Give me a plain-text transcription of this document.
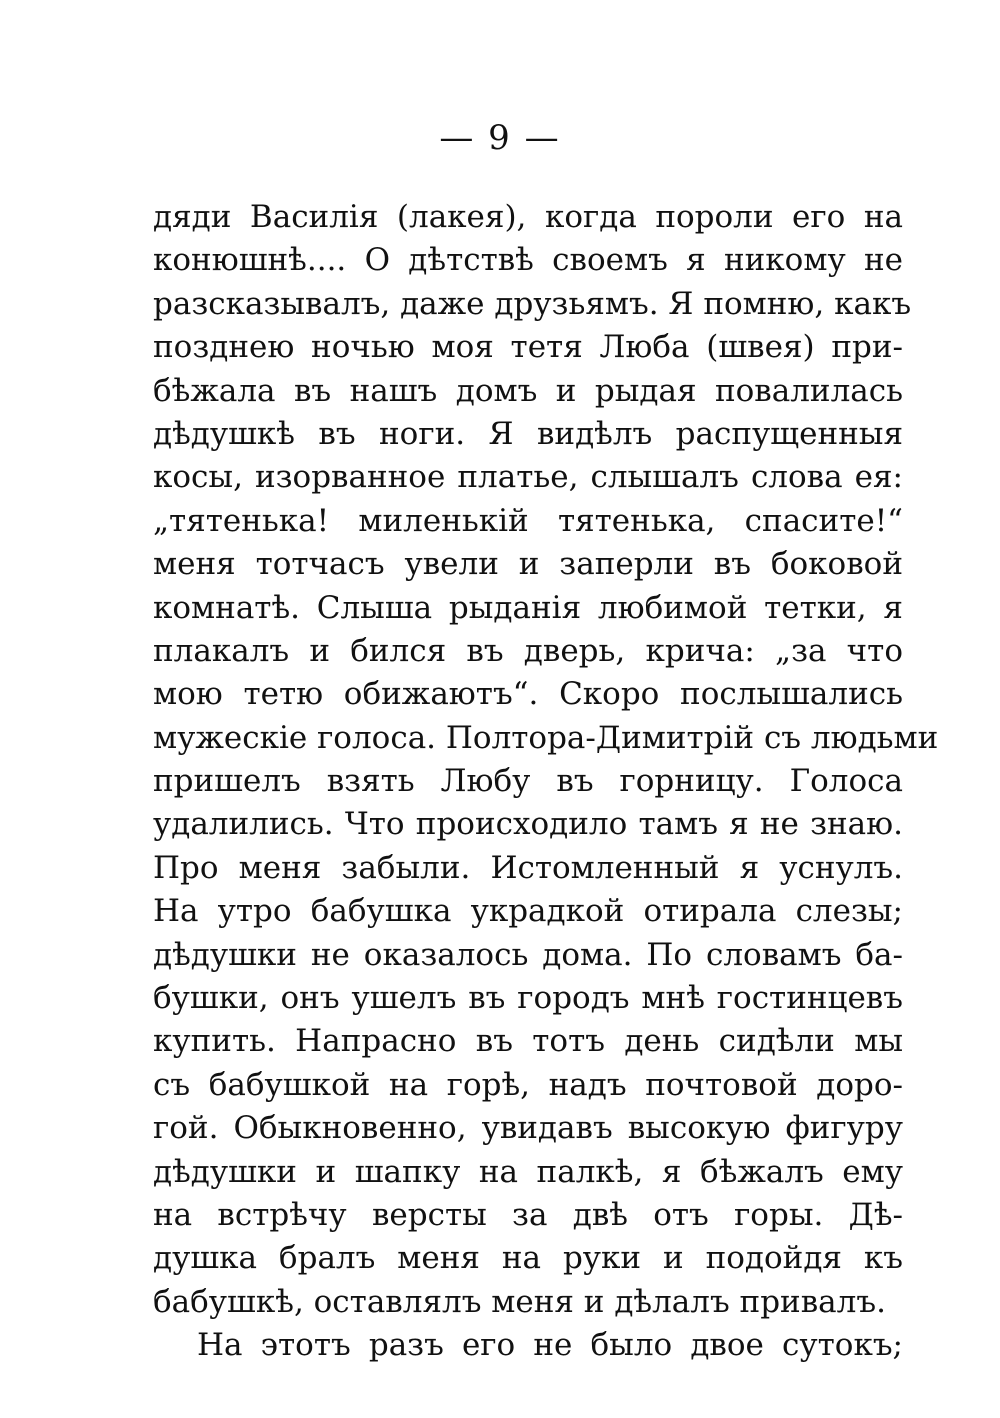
— 9 —
дяди Василія (лакея), когда пороли его на
конюшнѣ.... О дѣтствѣ своемъ я никому не
разсказывалъ, даже друзьямъ. Я помню, какъ
позднею ночью моя тетя Люба (швея) при-
бѣжала въ нашъ домъ и рыдая повалилась
дѣдушкѣ въ ноги. Я видѣлъ распущенныя
косы, изорванное платье, слышалъ слова ея:
„тятенька! миленькій тятенька, спасите!“
меня тотчасъ увели и заперли въ боковой
комнатѣ. Слыша рыданія любимой тетки, я
плакалъ и бился въ дверь, крича: „за что
мою тетю обижаютъ“. Скоро послышались
мужескіе голоса. Полтора-Димитрій съ людьми
пришелъ взять Любу въ горницу. Голоса
удалились. Что происходило тамъ я не знаю.
Про меня забыли. Истомленный я уснулъ.
На утро бабушка украдкой отирала слезы;
дѣдушки не оказалось дома. По словамъ ба-
бушки, онъ ушелъ въ городъ мнѣ гостинцевъ
купить. Напрасно въ тотъ день сидѣли мы
съ бабушкой на горѣ, надъ почтовой доро-
гой. Обыкновенно, увидавъ высокую фигуру
дѣдушки и шапку на палкѣ, я бѣжалъ ему
на встрѣчу версты за двѣ отъ горы. Дѣ-
душка бралъ меня на руки и подойдя къ
бабушкѣ, оставлялъ меня и дѣлалъ привалъ.
На этотъ разъ его не было двое сутокъ;
